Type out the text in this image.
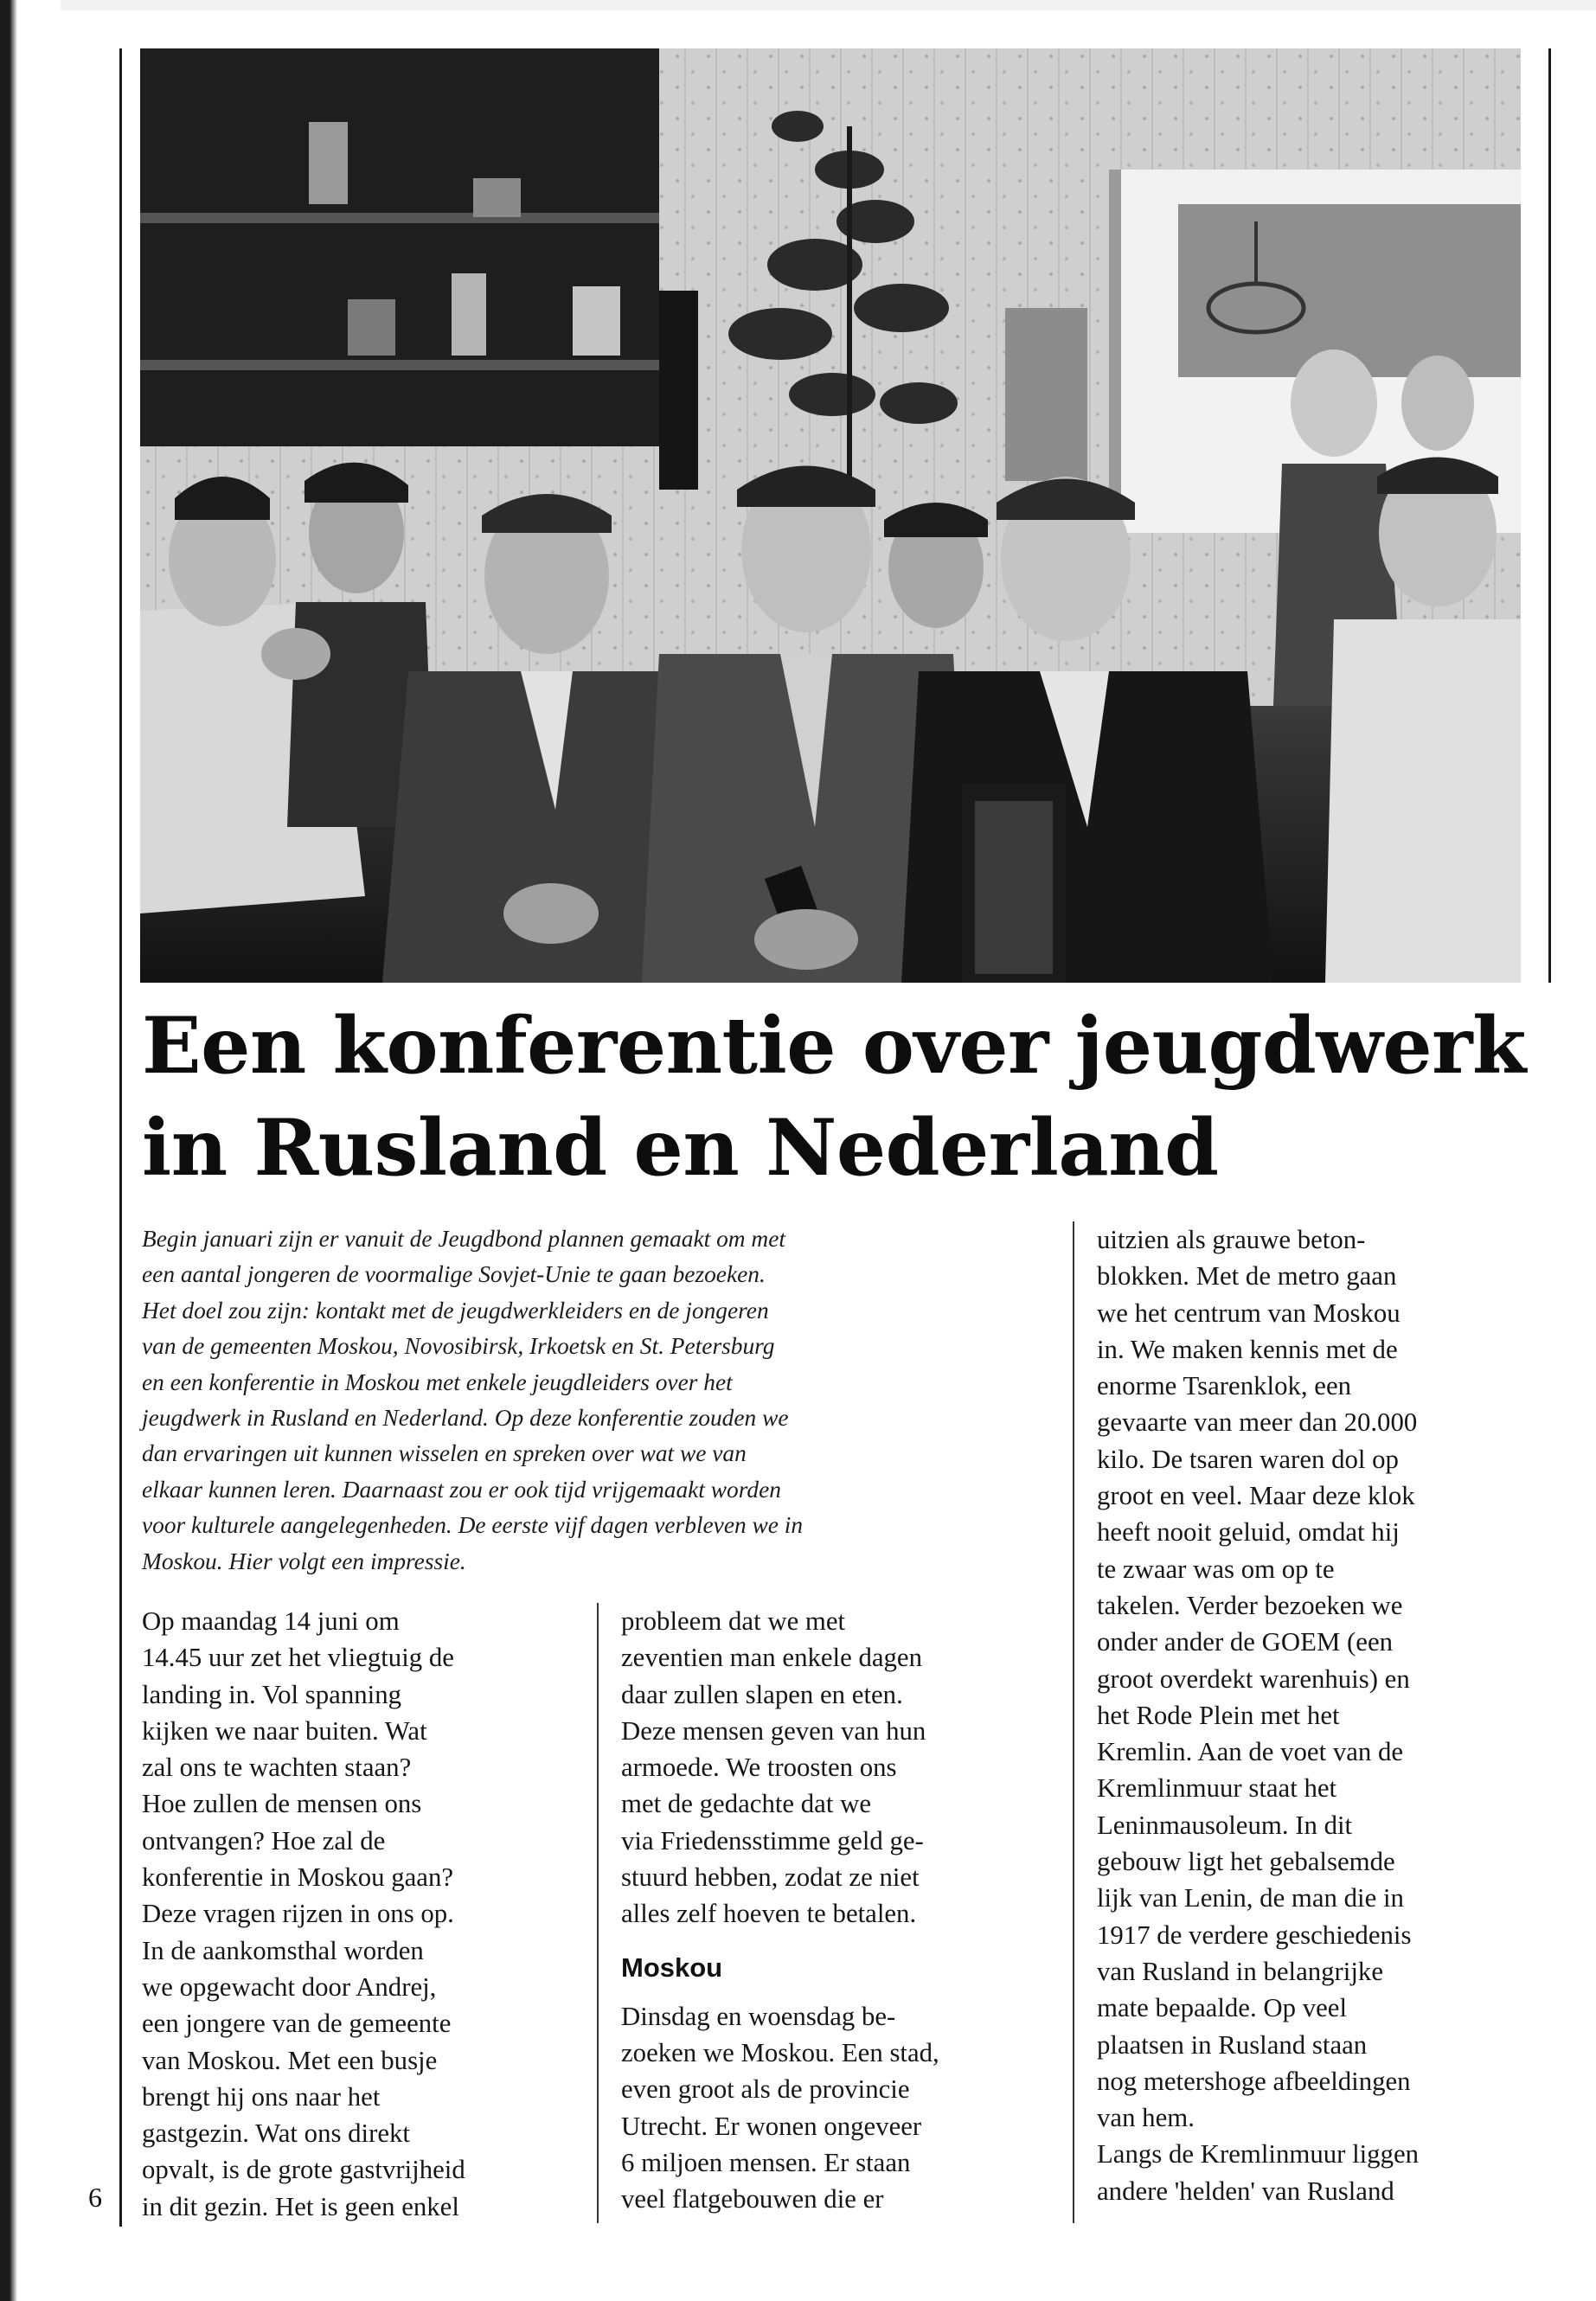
Een konferentie over jeugdwerk
in Rusland en Nederland
Begin januari zijn er vanuit de Jeugdbond plannen gemaakt om met
een aantal jongeren de voormalige Sovjet-Unie te gaan bezoeken.
Het doel zou zijn: kontakt met de jeugdwerkleiders en de jongeren
van de gemeenten Moskou, Novosibirsk, Irkoetsk en St. Petersburg
en een konferentie in Moskou met enkele jeugdleiders over het
jeugdwerk in Rusland en Nederland. Op deze konferentie zouden we
dan ervaringen uit kunnen wisselen en spreken over wat we van
elkaar kunnen leren. Daarnaast zou er ook tijd vrijgemaakt worden
voor kulturele aangelegenheden. De eerste vijf dagen verbleven we in
Moskou. Hier volgt een impressie.
Op maandag 14 juni om
14.45 uur zet het vliegtuig de
landing in. Vol spanning
kijken we naar buiten. Wat
zal ons te wachten staan?
Hoe zullen de mensen ons
ontvangen? Hoe zal de
konferentie in Moskou gaan?
Deze vragen rijzen in ons op.
In de aankomsthal worden
we opgewacht door Andrej,
een jongere van de gemeente
van Moskou. Met een busje
brengt hij ons naar het
gastgezin. Wat ons direkt
opvalt, is de grote gastvrijheid
in dit gezin. Het is geen enkel
probleem dat we met
zeventien man enkele dagen
daar zullen slapen en eten.
Deze mensen geven van hun
armoede. We troosten ons
met de gedachte dat we
via Friedensstimme geld ge-
stuurd hebben, zodat ze niet
alles zelf hoeven te betalen.
Moskou
Dinsdag en woensdag be-
zoeken we Moskou. Een stad,
even groot als de provincie
Utrecht. Er wonen ongeveer
6 miljoen mensen. Er staan
veel flatgebouwen die er
uitzien als grauwe beton-
blokken. Met de metro gaan
we het centrum van Moskou
in. We maken kennis met de
enorme Tsarenklok, een
gevaarte van meer dan 20.000
kilo. De tsaren waren dol op
groot en veel. Maar deze klok
heeft nooit geluid, omdat hij
te zwaar was om op te
takelen. Verder bezoeken we
onder ander de GOEM (een
groot overdekt warenhuis) en
het Rode Plein met het
Kremlin. Aan de voet van de
Kremlinmuur staat het
Leninmausoleum. In dit
gebouw ligt het gebalsemde
lijk van Lenin, de man die in
1917 de verdere geschiedenis
van Rusland in belangrijke
mate bepaalde. Op veel
plaatsen in Rusland staan
nog metershoge afbeeldingen
van hem.
Langs de Kremlinmuur liggen
andere 'helden' van Rusland
6
